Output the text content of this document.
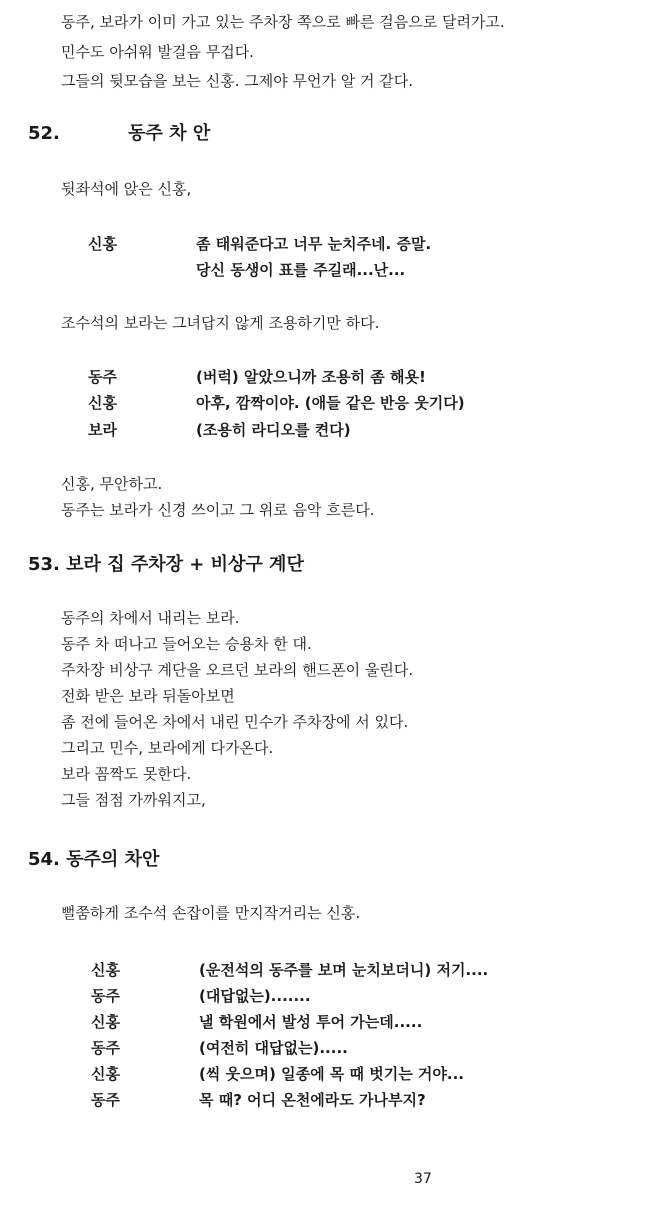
동주, 보라가 이미 가고 있는 주차장 쪽으로 빠른 걸음으로 달려가고.
민수도 아쉬워 발걸음 무겁다.
그들의 뒷모습을 보는 신홍. 그제야 무언가 알 거 같다.
52.	동주 차 안
뒷좌석에 앉은 신홍,
신홍	좀 태워준다고 너무 눈치주네. 증말.
당신 동생이 표를 주길래...난...
조수석의 보라는 그녀답지 않게 조용하기만 하다.
동주	(버럭) 알았으니까 조용히 좀 해욧!
신홍	아후, 깜짝이야. (애들 같은 반응 웃기다)
보라	(조용히 라디오를 켠다)
신홍, 무안하고.
동주는 보라가 신경 쓰이고 그 위로 음악 흐른다.
53. 보라 집 주차장 + 비상구 계단
동주의 차에서 내리는 보라.
동주 차 떠나고 들어오는 승용차 한 대.
주차장 비상구 계단을 오르던 보라의 핸드폰이 울린다.
전화 받은 보라 뒤돌아보면
좀 전에 들어온 차에서 내린 민수가 주차장에 서 있다.
그리고 민수, 보라에게 다가온다.
보라 꼼짝도 못한다.
그들 점점 가까워지고,
54. 동주의 차안
뻘쭘하게 조수석 손잡이를 만지작거리는 신홍.
신홍	(운전석의 동주를 보며 눈치보더니) 저기....
동주	(대답없는).......
신홍	낼 학원에서 발성 투어 가는데.....
동주	(여전히 대답없는).....
신홍	(씩 웃으며) 일종에 목 때 벗기는 거야...
동주	목 때? 어디 온천에라도 가나부지?
37
